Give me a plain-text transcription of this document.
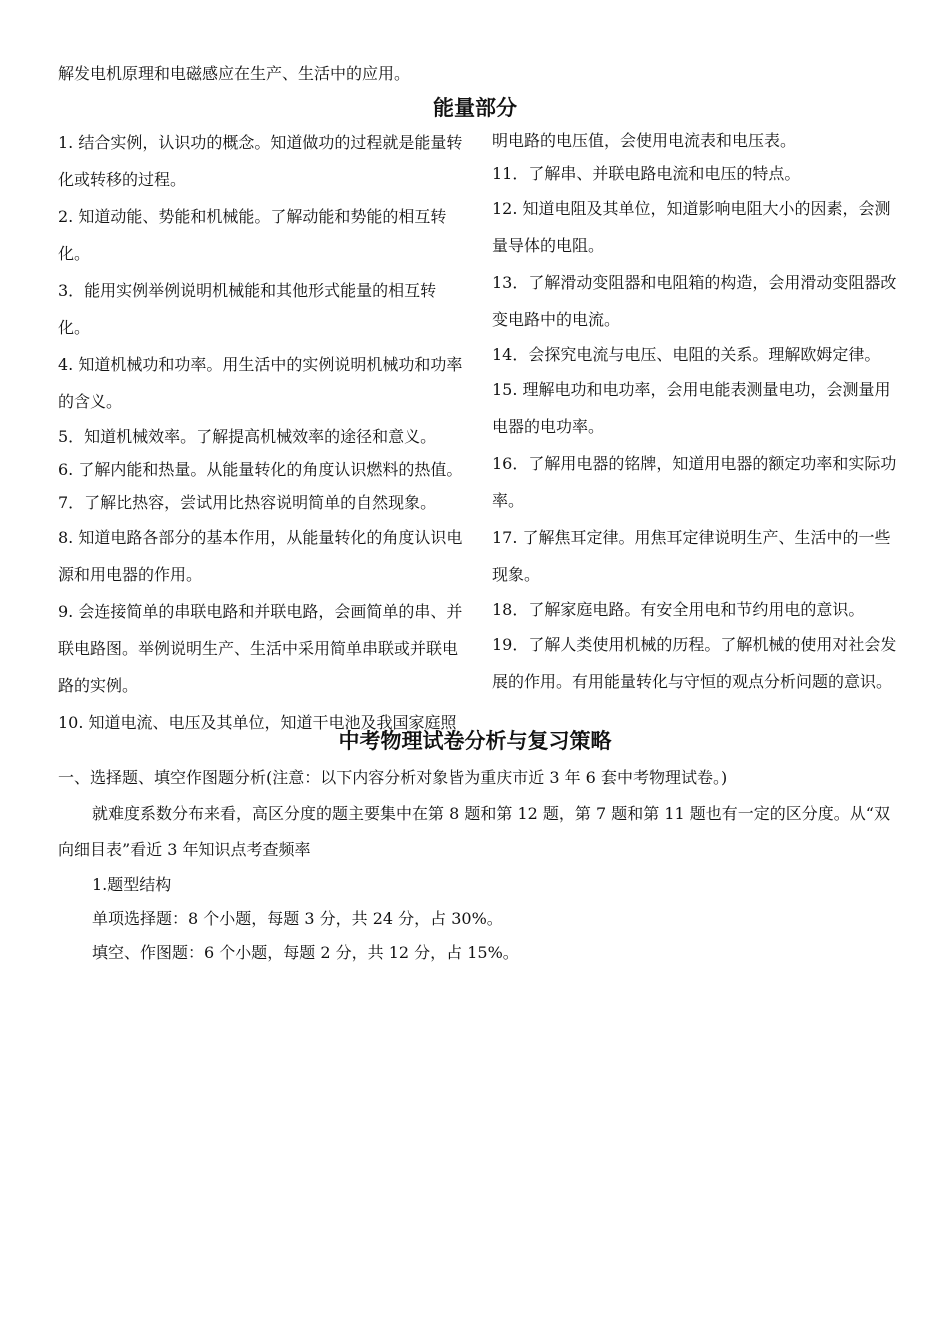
解发电机原理和电磁感应在生产、生活中的应用。
能量部分

1. 结合实例，认识功的概念。知道做功的过程就是能量转化或转移的过程。

2. 知道动能、势能和机械能。了解动能和势能的相互转化。

3．能用实例举例说明机械能和其他形式能量的相互转化。

4. 知道机械功和功率。用生活中的实例说明机械功和功率的含义。

5．知道机械效率。了解提高机械效率的途径和意义。

6. 了解内能和热量。从能量转化的角度认识燃料的热值。

7．了解比热容，尝试用比热容说明简单的自然现象。

8. 知道电路各部分的基本作用，从能量转化的角度认识电源和用电器的作用。

9. 会连接简单的串联电路和并联电路，会画简单的串、并联电路图。举例说明生产、生活中采用简单串联或并联电路的实例。

10. 知道电流、电压及其单位，知道干电池及我国家庭照

明电路的电压值，会使用电流表和电压表。

11．了解串、并联电路电流和电压的特点。

12. 知道电阻及其单位，知道影响电阻大小的因素，会测量导体的电阻。

13．了解滑动变阻器和电阻箱的构造，会用滑动变阻器改变电路中的电流。

14．会探究电流与电压、电阻的关系。理解欧姆定律。

15. 理解电功和电功率，会用电能表测量电功，会测量用电器的电功率。

16．了解用电器的铭牌，知道用电器的额定功率和实际功率。

17. 了解焦耳定律。用焦耳定律说明生产、生活中的一些现象。

18．了解家庭电路。有安全用电和节约用电的意识。

19．了解人类使用机械的历程。了解机械的使用对社会发展的作用。有用能量转化与守恒的观点分析问题的意识。

中考物理试卷分析与复习策略

一、选择题、填空作图题分析(注意：以下内容分析对象皆为重庆市近 3 年 6 套中考物理试卷。)

就难度系数分布来看，高区分度的题主要集中在第 8 题和第 12 题，第 7 题和第 11 题也有一定的区分度。从“双向细目表”看近 3 年知识点考查频率

1.题型结构

单项选择题：8 个小题，每题 3 分，共 24 分，占 30%。

填空、作图题：6 个小题，每题 2 分，共 12 分，占 15%。
